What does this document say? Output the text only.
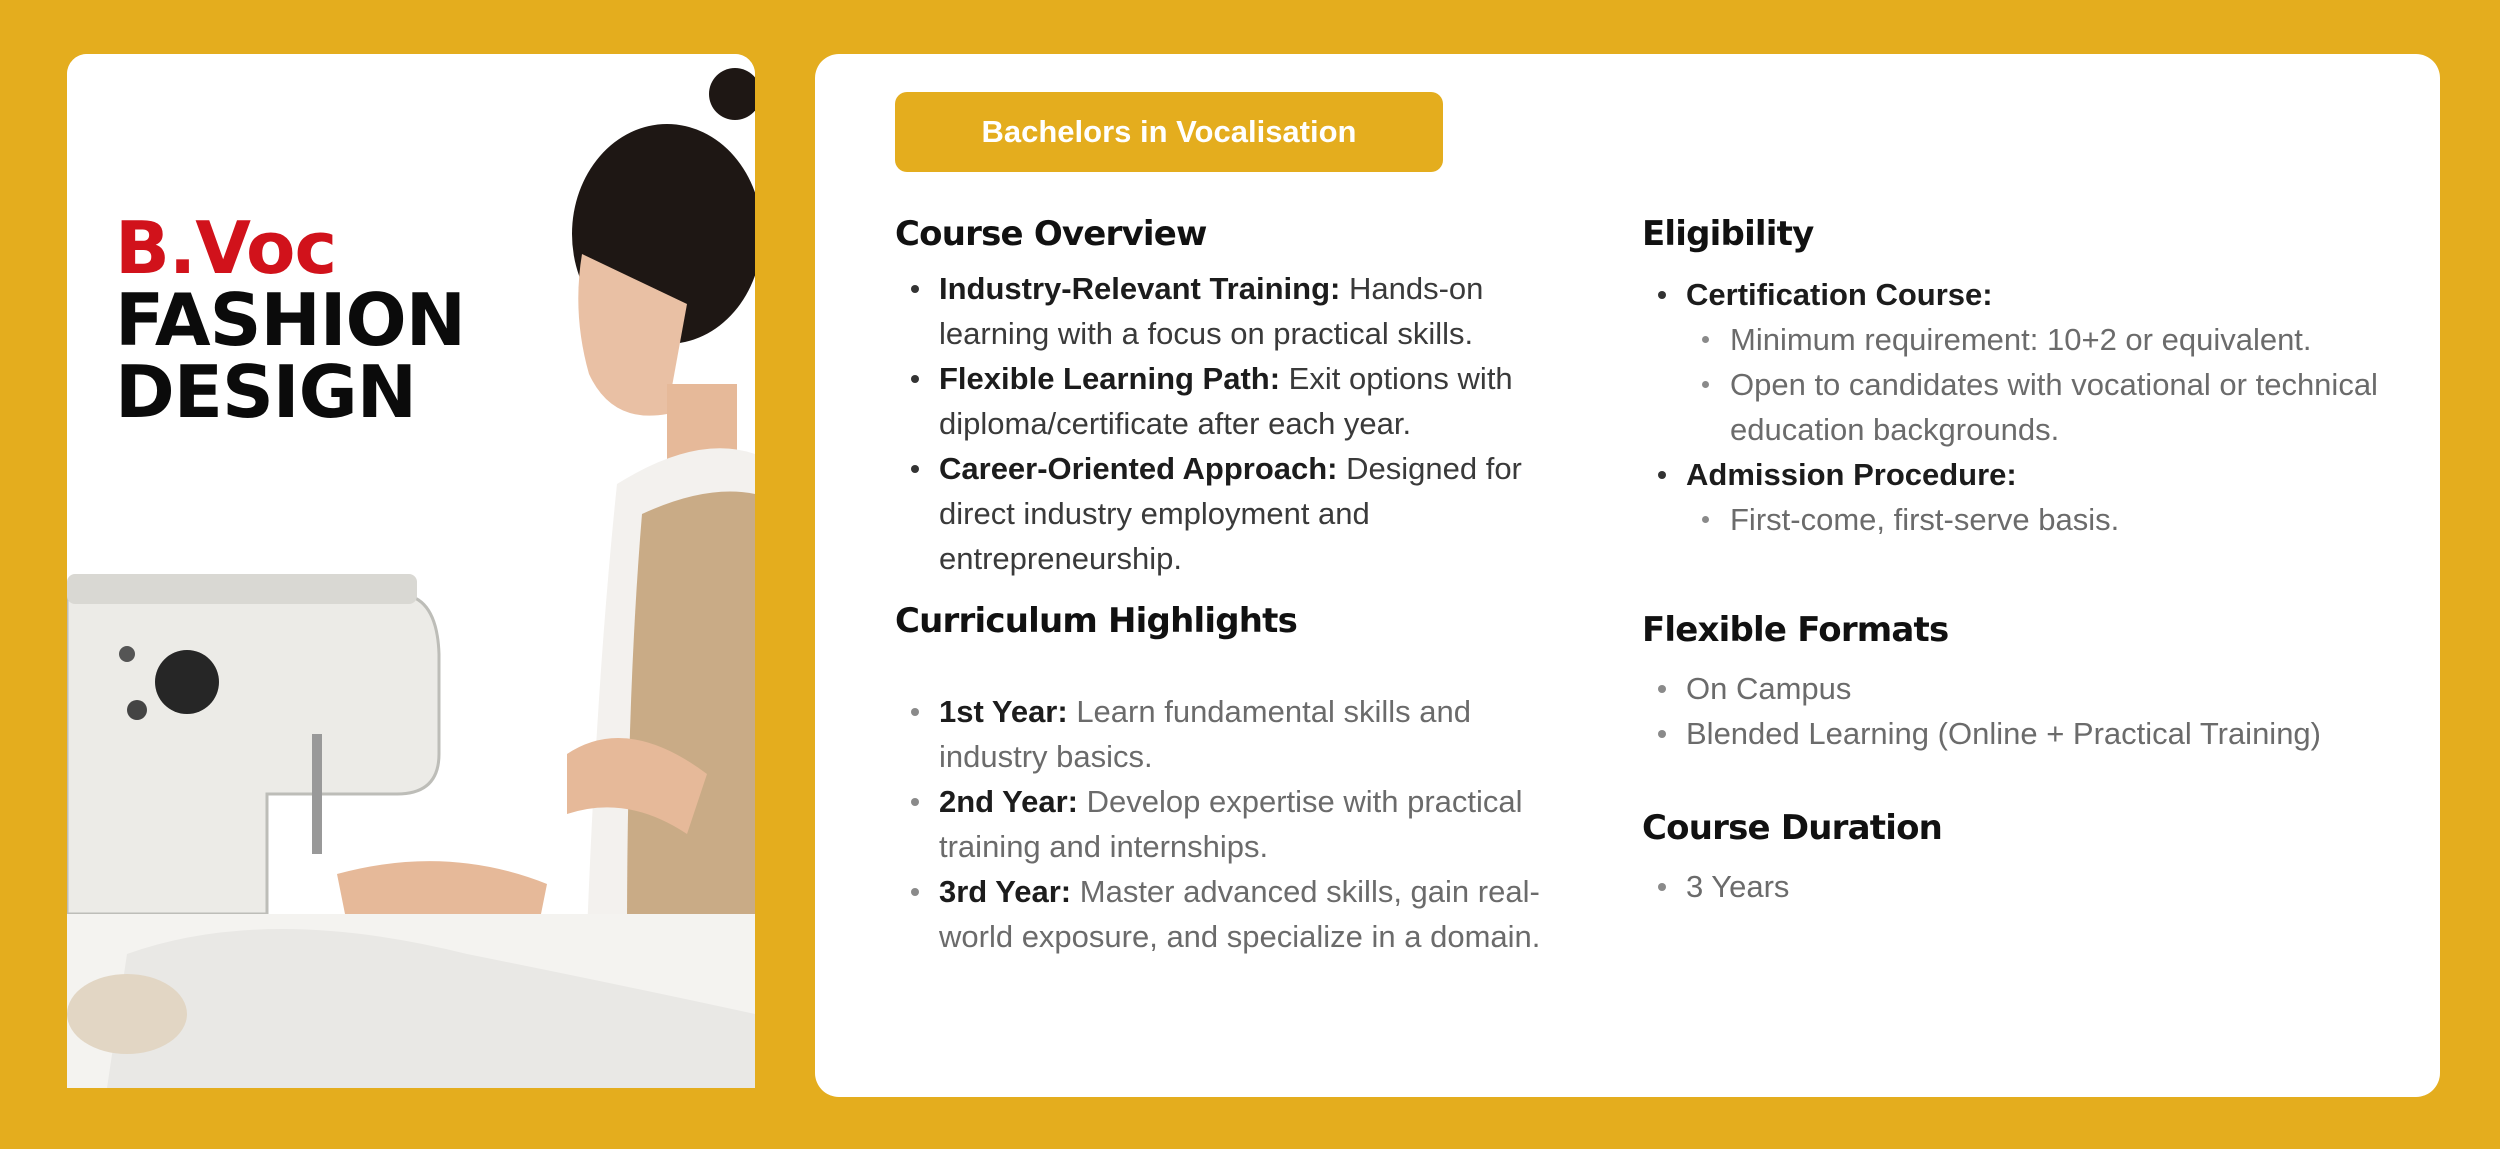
B.Voc
FASHION
DESIGN
Bachelors in Vocalisation
Course Overview
Industry-Relevant Training: Hands-on learning with a focus on practical skills.
Flexible Learning Path: Exit options with diploma/certificate after each year.
Career-Oriented Approach: Designed for direct industry employment and entrepreneurship.
Curriculum Highlights
1st Year: Learn fundamental skills and industry basics.
2nd Year: Develop expertise with practical training and internships.
3rd Year: Master advanced skills, gain real-world exposure, and specialize in a domain.
Eligibility
Certification Course:
Minimum requirement: 10+2 or equivalent.
Open to candidates with vocational or technical education backgrounds.
Admission Procedure:
First-come, first-serve basis.
Flexible Formats
On Campus
Blended Learning (Online + Practical Training)
Course Duration
3 Years
